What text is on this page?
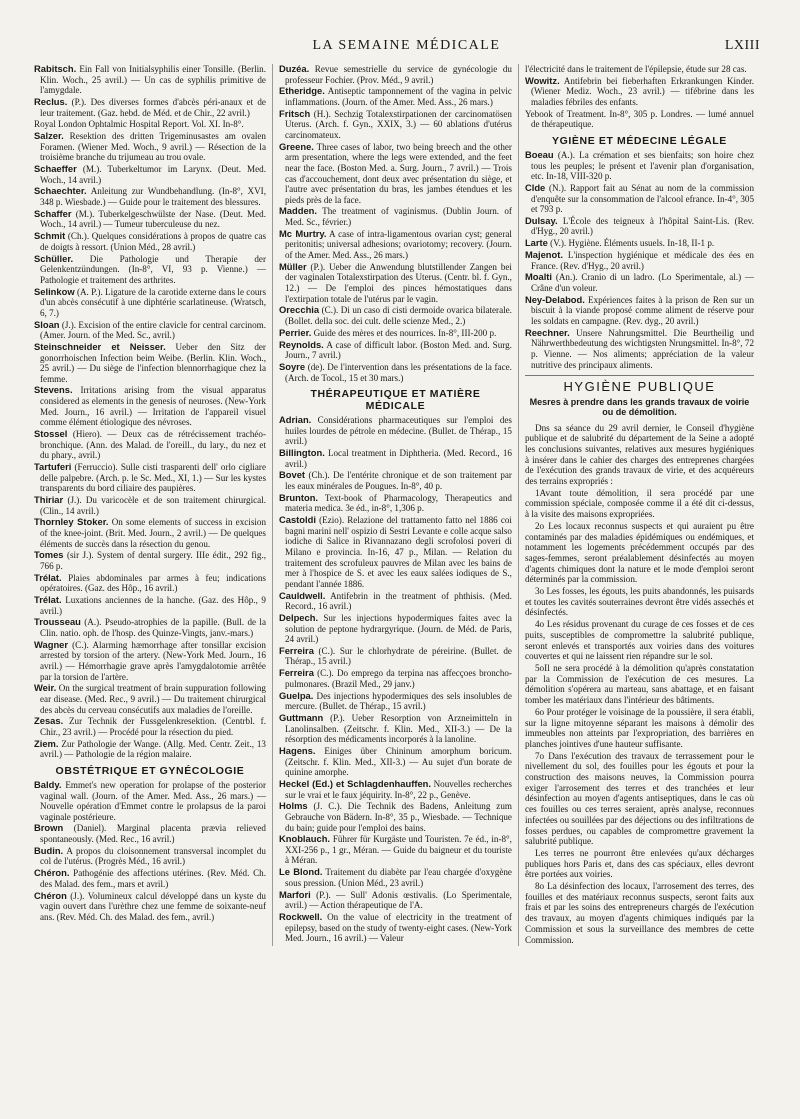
LA SEMAINE MÉDICALE	LXIII
Rabitsch. Ein Fall von Initialsyphilis einer Tonsille. (Berlin. Klin. Woch., 25 avril.) — Un cas de syphilis primitive de l'amygdale.
Reclus. (P.). Des diverses formes d'abcès péri-anaux et de leur traitement. (Gaz. hebd. de Méd. et de Chir., 22 avril.)
Royal London Ophtalmic Hospital Report. Vol. XI. In-8°.
Salzer. Resektion des dritten Trigeminusastes am ovalen Foramen. (Wiener Med. Woch., 9 avril.) — Résection de la troisième branche du trijumeau au trou ovale.
Schaeffer (M.). Tuberkeltumor im Larynx. (Deut. Med. Woch., 14 avril.)
Schaechter. Anleitung zur Wundbehandlung. (In-8°, XVI, 348 p. Wiesbade.) — Guide pour le traitement des blessures.
Schaffer (M.). Tuberkelgeschwülste der Nase. (Deut. Med. Woch., 14 avril.) — Tumeur tuberculeuse du nez.
Schmit (Ch.). Quelques considérations à propos de quatre cas de doigts à ressort. (Union Méd., 28 avril.)
Schüller. Die Pathologie und Therapie der Gelenkentzündungen. (In-8°, VI, 93 p. Vienne.) — Pathologie et traitement des arthrites.
Selinkow (A. P.). Ligature de la carotide externe dans le cours d'un abcès consécutif à une diphtérie scarlatineuse. (Wratsch, 6, 7.)
Sloan (J.). Excision of the entire clavicle for central carcinom. (Amer. Journ. of the Med. Sc., avril.)
Steinschneider et Neisser. Ueber den Sitz der gonorrhoischen Infection beim Weibe. (Berlin. Klin. Woch., 25 avril.) — Du siège de l'infection blennorrhagique chez la femme.
Stevens. Irritations arising from the visual apparatus considered as elements in the genesis of neuroses. (New-York Med. Journ., 16 avril.) — Irritation de l'appareil visuel comme élément étiologique des névroses.
Stossel (Hiero). — Deux cas de rétrécissement trachéo-bronchique. (Ann. des Malad. de l'oreill., du lary., du nez et du phary., avril.)
Tartuferi (Ferruccio). Sulle cisti trasparenti dell' orlo cigliare delle palpebre. (Arch. p. le Sc. Med., XI, 1.) — Sur les kystes transparents du bord ciliaire des paupières.
Thiriar (J.). Du varicocèle et de son traitement chirurgical. (Clin., 14 avril.)
Thornley Stoker. On some elements of success in excision of the knee-joint. (Brit. Med. Journ., 2 avril.) — De quelques éléments de succès dans la résection du genou.
Tomes (sir J.). System of dental surgery. IIIe édit., 292 fig., 766 p.
Trélat. Plaies abdominales par armes à feu; indications opératoires. (Gaz. des Hôp., 16 avril.)
Trélat. Luxations anciennes de la hanche. (Gaz. des Hôp., 9 avril.)
Trousseau (A.). Pseudo-atrophies de la papille. (Bull. de la Clin. natio. oph. de l'hosp. des Quinze-Vingts, janv.-mars.)
Wagner (C.). Alarming hæmorrhage after tonsillar excision arrested by torsion of the artery. (New-York Med. Journ., 16 avril.) — Hémorrhagie grave après l'amygdalotomie arrêtée par la torsion de l'artère.
Weir. On the surgical treatment of brain suppuration following ear disease. (Med. Rec., 9 avril.) — Du traitement chirurgical des abcès du cerveau consécutifs aux maladies de l'oreille.
Zesas. Zur Technik der Fussgelenkresektion. (Centrbl. f. Chir., 23 avril.) — Procédé pour la résection du pied.
Ziem. Zur Pathologie der Wange. (Allg. Med. Centr. Zeit., 13 avril.) — Pathologie de la région malaire.
OBSTÉTRIQUE ET GYNÉCOLOGIE
Baldy. Emmet's new operation for prolapse of the posterior vaginal wall. (Journ. of the Amer. Med. Ass., 26 mars.) — Nouvelle opération d'Emmet contre le prolapsus de la paroi vaginale postérieure.
Brown (Daniel). Marginal placenta prævia relieved spontaneously. (Med. Rec., 16 avril.)
Budin. A propos du cloisonnement transversal incomplet du col de l'utérus. (Progrès Méd., 16 avril.)
Chéron. Pathogénie des affections utérines. (Rev. Méd. Ch. des Malad. des fem., mars et avril.)
Chéron (J.). Volumineux calcul développé dans un kyste du vagin ouvert dans l'urèthre chez une femme de soixante-neuf ans. (Rev. Méd. Ch. des Malad. des fem., avril.)
Duzéa. Revue semestrielle du service de gynécologie du professeur Fochier. (Prov. Méd., 9 avril.)
Etheridge. Antiseptic tamponnement of the vagina in pelvic inflammations. (Journ. of the Amer. Med. Ass., 26 mars.)
Fritsch (H.). Sechzig Totalexstirpationen der carcinomatösen Uterus. (Arch. f. Gyn., XXIX, 3.) — 60 ablations d'utérus carcinomateux.
Greene. Three cases of labor, two being breech and the other arm presentation, where the legs were extended, and the feet near the face. (Boston Med. a. Surg. Journ., 7 avril.) — Trois cas d'accouchement, dont deux avec présentation du siège, et l'autre avec présentation du bras, les jambes étendues et les pieds près de la face.
Madden. The treatment of vaginismus. (Dublin Journ. of Med. Sc., février.)
Mc Murtry. A case of intra-ligamentous ovarian cyst; general peritonitis; universal adhesions; ovariotomy; recovery. (Journ. of the Amer. Med. Ass., 26 mars.)
Müller (P.). Ueber die Anwendung blutstillender Zangen bei der vaginalen Totalexstirpation des Uterus. (Centr. bl. f. Gyn., 12.) — De l'emploi des pinces hémostatiques dans l'extirpation totale de l'utérus par le vagin.
Orecchia (C.). Di un caso di cisti dermoide ovarica bilaterale. (Bollet. della soc. dei cult. delle scienze Med., 2.)
Perrier. Guide des mères et des nourrices. In-8°, III-200 p.
Reynolds. A case of difficult labor. (Boston Med. and. Surg. Journ., 7 avril.)
Soyre (de). De l'intervention dans les présentations de la face. (Arch. de Tocol., 15 et 30 mars.)
THÉRAPEUTIQUE ET MATIÈRE MÉDICALE
Adrian. Considérations pharmaceutiques sur l'emploi des huiles lourdes de pétrole en médecine. (Bullet. de Thérap., 15 avril.)
Billington. Local treatment in Diphtheria. (Med. Record., 16 avril.)
Bovet (Ch.). De l'entérite chronique et de son traitement par les eaux minérales de Pougues. In-8°, 40 p.
Brunton. Text-book of Pharmacology, Therapeutics and materia medica. 3e éd., in-8°, 1,306 p.
Castoldi (Ezio). Relazione del trattamento fatto nel 1886 coi bagni marini nell' ospizio di Sestri Levante e colle acque salso iodiche di Salice in Rivannazano degli scrofolosi poveri di Milano e provincia. In-16, 47 p., Milan. — Relation du traitement des scrofuleux pauvres de Milan avec les bains de mer à l'hospice de S. et avec les eaux salées iodiques de S., pendant l'année 1886.
Cauldwell. Antifebrin in the treatment of phthisis. (Med. Record., 16 avril.)
Delpech. Sur les injections hypodermiques faites avec la solution de peptone hydrargyrique. (Journ. de Méd. de Paris, 24 avril.)
Ferreira (C.). Sur le chlorhydrate de péreirine. (Bullet. de Thérap., 15 avril.)
Ferreira (C.). Do emprego da terpina nas affecçoes broncho-pulmonares. (Brazil Med., 29 janv.)
Guelpa. Des injections hypodermiques des sels insolubles de mercure. (Bullet. de Thérap., 15 avril.)
Guttmann (P.). Ueber Resorption von Arzneimitteln in Lanolinsalben. (Zeitschr. f. Klin. Med., XII-3.) — De la résorption des médicaments incorporés à la lanoline.
Hagens. Einiges über Chininum amorphum boricum. (Zeitschr. f. Klin. Med., XII-3.) — Au sujet d'un borate de quinine amorphe.
Heckel (Ed.) et Schlagdenhauffen. Nouvelles recherches sur le vrai et le faux jéquirity. In-8°, 22 p., Genève.
Holms (J. C.). Die Technik des Badens, Anleitung zum Gebrauche von Bädern. In-8°, 35 p., Wiesbade. — Technique du bain; guide pour l'emploi des bains.
Knoblauch. Führer für Kurgäste und Touristen. 7e éd., in-8°, XXI-256 p., 1 gr., Méran. — Guide du baigneur et du touriste à Méran.
Le Blond. Traitement du diabète par l'eau chargée d'oxygène sous pression. (Union Méd., 23 avril.)
Marfori (P.). — Sull' Adonis œstivalis. (Lo Sperimentale, avril.) — Action thérapeutique de l'A.
Rockwell. On the value of electricity in the treatment of epilepsy, based on the study of twenty-eight cases. (New-York Med. Journ., 16 avril.) — Valeur
l'électricité dans le traitement de l'épilepsie, étude sur 28 cas.
Wowitz. Antifebrin bei fieberhaften Erkrankungen Kinder. (Wiener Mediz. Woch., 23 avril.) — tifébrine dans les maladies fébriles des enfants.
Yebook of Treatment. In-8°, 305 p. Londres. — lumé annuel de thérapeutique.
YGIÈNE ET MÉDECINE LÉGALE
Boeau (A.). La crémation et ses bienfaits; son hoire chez tous les peuples; le présent et l'avenir plan d'organisation, etc. In-18, VIII-320 p.
Clde (N.). Rapport fait au Sénat au nom de la commission d'enquête sur la consommation de l'alcool efrance. In-4°, 305 et 793 p.
Dulsay. L'École des teigneux à l'hôpital Saint-Lis. (Rev. d'Hyg., 20 avril.)
Larte (V.). Hygiène. Éléments usuels. In-18, II-1 p.
Majenot. L'inspection hygiénique et médicale des ées en France. (Rev. d'Hyg., 20 avril.)
Moalti (An.). Cranio di un ladro. (Lo Sperimentale, al.) — Crâne d'un voleur.
Ney-Delabod. Expériences faites à la prison de Ren sur un biscuit à la viande proposé comme aliment de réserve pour les soldats en campagne. (Rev. dyg., 20 avril.)
Reechner. Unsere Nahrungsmittel. Die Beurtheilig und Nährwerthbedeutung des wichtigsten Nrungsmittel. In-8°, 72 p. Vienne. — Nos aliments; appréciation de la valeur nutritive des principaux aliments.
HYGIÈNE PUBLIQUE
Mesres à prendre dans les grands travaux de voirie ou de démolition.
Dns sa séance du 29 avril dernier, le Conseil d'hygiène publique et de salubrité du département de la Seine a adopté les conclusions suivantes, relatives aux mesures hygiéniques à insérer dans le cahier des charges des entreprenes chargées de l'exécution des grands travaux de virie, et des acquéreurs des terrains expropriés :
1Avant toute démolition, il sera procédé par une commission spéciale, composée comme il a été dit ci-dessus, à la visite des maisons expropriées.
2o Les locaux reconnus suspects et qui auraient pu être contaminés par des maladies épidémiques ou endémiques, et notamment les logements précédemment occupés par des sages-femmes, seront préalablement désinfectés au moyen d'agents chimiques dont la nature et le mode d'emploi seront déterminés par la commission.
3o Les fosses, les égouts, les puits abandonnés, les puisards et toutes les cavités souterraines devront être vidés assechés et désinfectés.
4o Les résidus provenant du curage de ces fosses et de ces puits, susceptibles de compromettre la salubrité publique, seront enlevés et transportés aux voiries dans des voitures couvertes et qui ne laissent rien répandre sur le sol.
5oIl ne sera procédé à la démolition qu'après constatation par la Commission de l'exécution de ces mesures. La démolition s'opérera au marteau, sans abattage, et en faisant tomber les matériaux dans l'intérieur des bâtiments.
6o Pour protéger le voisinage de la poussière, il sera établi, sur la ligne mitoyenne séparant les maisons à démolir des immeubles non atteints par l'expropriation, des barrières en planches jointives d'une hauteur suffisante.
7o Dans l'exécution des travaux de terrassement pour le nivellement du sol, des fouilles pour les égouts et pour la construction des maisons neuves, la Commission pourra exiger l'arrosement des terres et des tranchées et leur désinfection au moyen d'agents antiseptiques, dans le cas où ces fouilles ou ces terres seraient, après analyse, reconnues infectées ou souillées par des déjections ou des infiltrations de fosses perdues, ou capables de compromettre gravement la salubrité publique.
Les terres ne pourront être enlevées qu'aux décharges publiques hors Paris et, dans des cas spéciaux, elles devront être portées aux voiries.
8o La désinfection des locaux, l'arrosement des terres, des fouilles et des matériaux reconnus suspects, seront faits aux frais et par les soins des entrepreneurs chargés de l'exécution des travaux, au moyen d'agents chimiques indiqués par la Commission et sous la surveillance des membres de cette Commission.
